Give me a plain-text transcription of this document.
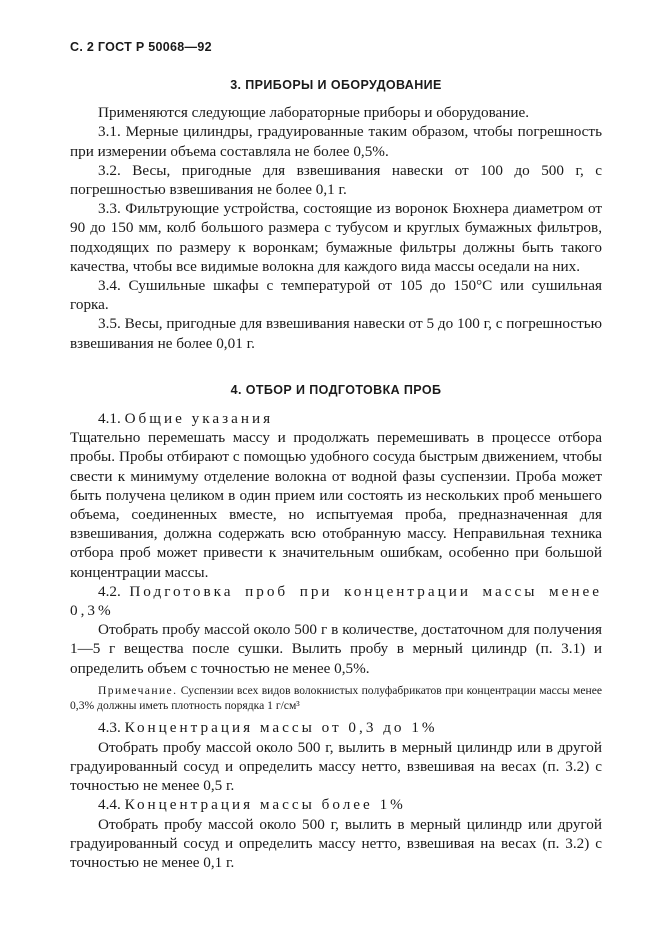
С. 2 ГОСТ Р 50068—92
3. ПРИБОРЫ И ОБОРУДОВАНИЕ

Применяются следующие лабораторные приборы и оборудование.

3.1. Мерные цилиндры, градуированные таким образом, чтобы погрешность при измерении объема составляла не более 0,5%.

3.2. Весы, пригодные для взвешивания навески от 100 до 500 г, с погрешностью взвешивания не более 0,1 г.

3.3. Фильтрующие устройства, состоящие из воронок Бюхнера диаметром от 90 до 150 мм, колб большого размера с тубусом и круглых бумажных фильтров, подходящих по размеру к воронкам; бумажные фильтры должны быть такого качества, чтобы все видимые волокна для каждого вида массы оседали на них.

3.4. Сушильные шкафы с температурой от 105 до 150°С или сушильная горка.

3.5. Весы, пригодные для взвешивания навески от 5 до 100 г, с погрешностью взвешивания не более 0,01 г.

4. ОТБОР И ПОДГОТОВКА ПРОБ

4.1. Общие указания

Тщательно перемешать массу и продолжать перемешивать в процессе отбора пробы. Пробы отбирают с помощью удобного сосуда быстрым движением, чтобы свести к минимуму отделение волокна от водной фазы суспензии. Проба может быть получена целиком в один прием или состоять из нескольких проб меньшего объема, соединенных вместе, но испытуемая проба, предназначенная для взвешивания, должна содержать всю отобранную массу. Неправильная техника отбора проб может привести к значительным ошибкам, особенно при большой концентрации массы.

4.2. Подготовка проб при концентрации массы менее 0,3%

Отобрать пробу массой около 500 г в количестве, достаточном для получения 1—5 г вещества после сушки. Вылить пробу в мерный цилиндр (п. 3.1) и определить объем с точностью не менее 0,5%.

Примечание. Суспензии всех видов волокнистых полуфабрикатов при концентрации массы менее 0,3% должны иметь плотность порядка 1 г/см³

4.3. Концентрация массы от 0,3 до 1%

Отобрать пробу массой около 500 г, вылить в мерный цилиндр или в другой градуированный сосуд и определить массу нетто, взвешивая на весах (п. 3.2) с точностью не менее 0,5 г.

4.4. Концентрация массы более 1%

Отобрать пробу массой около 500 г, вылить в мерный цилиндр или другой градуированный сосуд и определить массу нетто, взвешивая на весах (п. 3.2) с точностью не менее 0,1 г.
